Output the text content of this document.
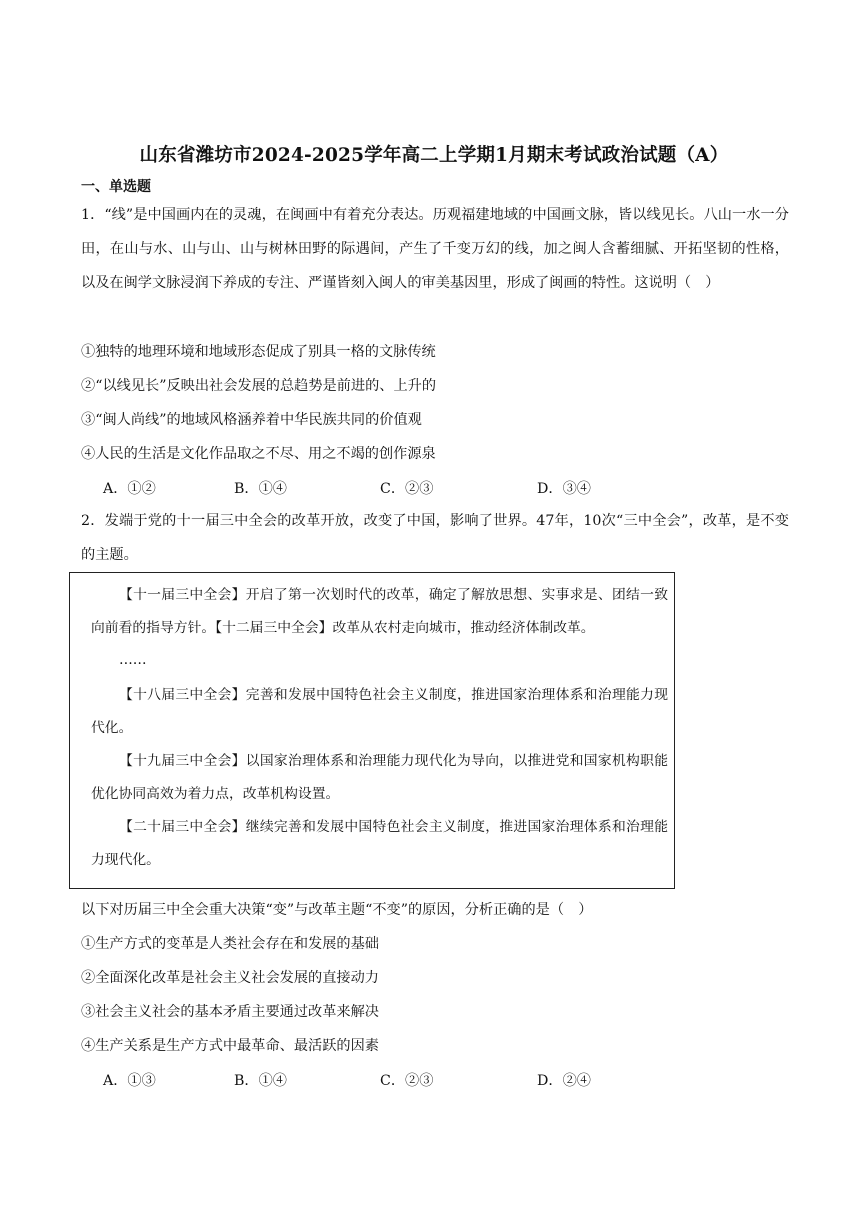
山东省潍坊市2024-2025学年高二上学期1月期末考试政治试题（A）
一、单选题
1．“线”是中国画内在的灵魂，在闽画中有着充分表达。历观福建地域的中国画文脉，皆以线见长。八山一水一分田，在山与水、山与山、山与树林田野的际遇间，产生了千变万幻的线，加之闽人含蓄细腻、开拓坚韧的性格，以及在闽学文脉浸润下养成的专注、严谨皆刻入闽人的审美基因里，形成了闽画的特性。这说明（　）
①独特的地理环境和地域形态促成了别具一格的文脉传统
②“以线见长”反映出社会发展的总趋势是前进的、上升的
③“闽人尚线”的地域风格涵养着中华民族共同的价值观
④人民的生活是文化作品取之不尽、用之不竭的创作源泉
A．①②	B．①④	C．②③	D．③④
2．发端于党的十一届三中全会的改革开放，改变了中国，影响了世界。47年，10次“三中全会”，改革，是不变的主题。
【十一届三中全会】开启了第一次划时代的改革，确定了解放思想、实事求是、团结一致向前看的指导方针。【十二届三中全会】改革从农村走向城市，推动经济体制改革。
……
【十八届三中全会】完善和发展中国特色社会主义制度，推进国家治理体系和治理能力现代化。
【十九届三中全会】以国家治理体系和治理能力现代化为导向，以推进党和国家机构职能优化协同高效为着力点，改革机构设置。
【二十届三中全会】继续完善和发展中国特色社会主义制度，推进国家治理体系和治理能力现代化。
以下对历届三中全会重大决策“变”与改革主题“不变”的原因，分析正确的是（　）
①生产方式的变革是人类社会存在和发展的基础
②全面深化改革是社会主义社会发展的直接动力
③社会主义社会的基本矛盾主要通过改革来解决
④生产关系是生产方式中最革命、最活跃的因素
A．①③	B．①④	C．②③	D．②④
